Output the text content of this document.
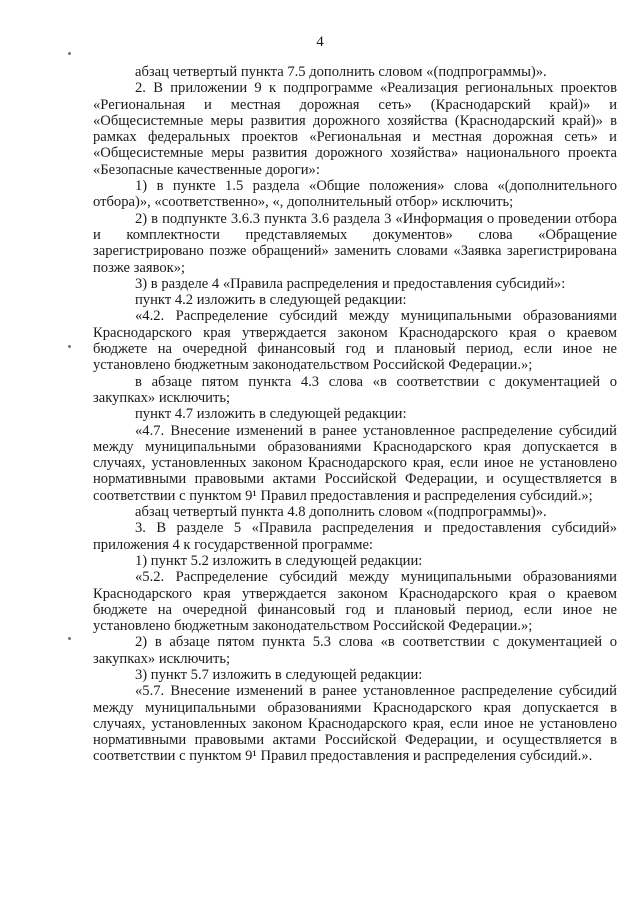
4

абзац четвертый пункта 7.5 дополнить словом «(подпрограммы)».

2. В приложении 9 к подпрограмме «Реализация региональных проектов «Региональная и местная дорожная сеть» (Краснодарский край)» и «Общесистемные меры развития дорожного хозяйства (Краснодарский край)» в рамках федеральных проектов «Региональная и местная дорожная сеть» и «Общесистемные меры развития дорожного хозяйства» национального проекта «Безопасные качественные дороги»:

1) в пункте 1.5 раздела «Общие положения» слова «(дополнительного отбора)», «соответственно», «, дополнительный отбор» исключить;

2) в подпункте 3.6.3 пункта 3.6 раздела 3 «Информация о проведении отбора и комплектности представляемых документов» слова «Обращение зарегистрировано позже обращений» заменить словами «Заявка зарегистрирована позже заявок»;

3) в разделе 4 «Правила распределения и предоставления субсидий»:

пункт 4.2 изложить в следующей редакции:

«4.2. Распределение субсидий между муниципальными образованиями Краснодарского края утверждается законом Краснодарского края о краевом бюджете на очередной финансовый год и плановый период, если иное не установлено бюджетным законодательством Российской Федерации.»;

в абзаце пятом пункта 4.3 слова «в соответствии с документацией о закупках» исключить;

пункт 4.7 изложить в следующей редакции:

«4.7. Внесение изменений в ранее установленное распределение субсидий между муниципальными образованиями Краснодарского края допускается в случаях, установленных законом Краснодарского края, если иное не установлено нормативными правовыми актами Российской Федерации, и осуществляется в соответствии с пунктом 9¹ Правил предоставления и распределения субсидий.»;

абзац четвертый пункта 4.8 дополнить словом «(подпрограммы)».

3. В разделе 5 «Правила распределения и предоставления субсидий» приложения 4 к государственной программе:

1) пункт 5.2 изложить в следующей редакции:

«5.2. Распределение субсидий между муниципальными образованиями Краснодарского края утверждается законом Краснодарского края о краевом бюджете на очередной финансовый год и плановый период, если иное не установлено бюджетным законодательством Российской Федерации.»;

2) в абзаце пятом пункта 5.3 слова «в соответствии с документацией о закупках» исключить;

3) пункт 5.7 изложить в следующей редакции:

«5.7. Внесение изменений в ранее установленное распределение субсидий между муниципальными образованиями Краснодарского края допускается в случаях, установленных законом Краснодарского края, если иное не установлено нормативными правовыми актами Российской Федерации, и осуществляется в соответствии с пунктом 9¹ Правил предоставления и распределения субсидий.».
